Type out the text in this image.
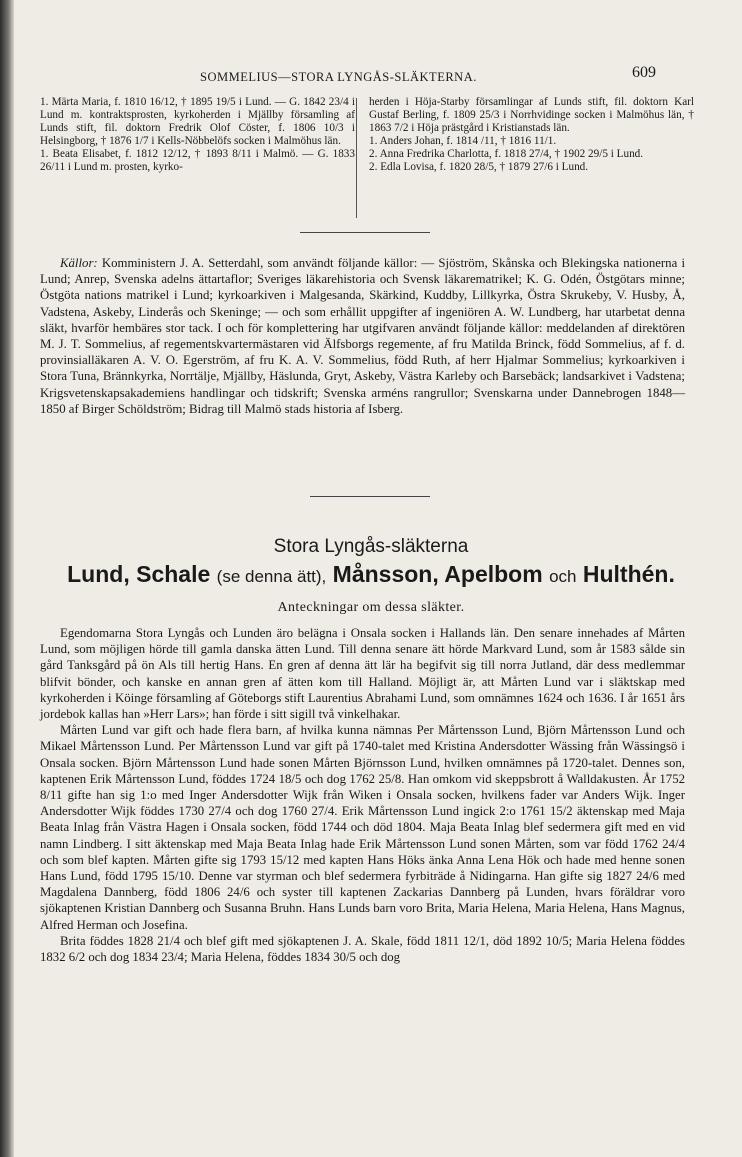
SOMMELIUS—STORA LYNGÅS-SLÄKTERNA.	609

1. Märta Maria, f. 1810 16/12, † 1895 19/5 i Lund. — G. 1842 23/4 i Lund m. kontraktsprosten, kyrkoherden i Mjällby församling af Lunds stift, fil. doktorn Fredrik Olof Cöster, f. 1806 10/3 i Helsingborg, † 1876 1/7 i Kells-Nöbbelöfs socken i Malmöhus län.

1. Beata Elisabet, f. 1812 12/12, † 1893 8/11 i Malmö. — G. 1833 26/11 i Lund m. prosten, kyrko-

herden i Höja-Starby församlingar af Lunds stift, fil. doktorn Karl Gustaf Berling, f. 1809 25/3 i Norrhvidinge socken i Malmöhus län, † 1863 7/2 i Höja prästgård i Kristianstads län.

1. Anders Johan, f. 1814 /11, † 1816 11/1.

2. Anna Fredrika Charlotta, f. 1818 27/4, † 1902 29/5 i Lund.

2. Edla Lovisa, f. 1820 28/5, † 1879 27/6 i Lund.

Källor: Komministern J. A. Setterdahl, som användt följande källor: — Sjöström, Skånska och Blekingska nationerna i Lund; Anrep, Svenska adelns ättartaflor; Sveriges läkarehistoria och Svensk läkarematrikel; K. G. Odén, Östgötars minne; Östgöta nations matrikel i Lund; kyrkoarkiven i Malgesanda, Skärkind, Kuddby, Lillkyrka, Östra Skrukeby, V. Husby, Å, Vadstena, Askeby, Linderås och Skeninge; — och som erhållit uppgifter af ingeniören A. W. Lundberg, har utarbetat denna släkt, hvarför hembäres stor tack. I och för komplettering har utgifvaren användt följande källor: meddelanden af direktören M. J. T. Sommelius, af regementskvartermästaren vid Älfsborgs regemente, af fru Matilda Brinck, född Sommelius, af f. d. provinsialläkaren A. V. O. Egerström, af fru K. A. V. Sommelius, född Ruth, af herr Hjalmar Sommelius; kyrkoarkiven i Stora Tuna, Brännkyrka, Norrtälje, Mjällby, Häslunda, Gryt, Askeby, Västra Karleby och Barsebäck; landsarkivet i Vadstena; Krigsvetenskapsakademiens handlingar och tidskrift; Svenska arméns rangrullor; Svenskarna under Dannebrogen 1848—1850 af Birger Schöldström; Bidrag till Malmö stads historia af Isberg.

Stora Lyngås-släkterna
Lund, Schale (se denna ätt), Månsson, Apelbom och Hulthén.
Anteckningar om dessa släkter.

Egendomarna Stora Lyngås och Lunden äro belägna i Onsala socken i Hallands län. Den senare innehades af Mårten Lund, som möjligen hörde till gamla danska ätten Lund. Till denna senare ätt hörde Markvard Lund, som år 1583 sålde sin gård Tanksgård på ön Als till hertig Hans. En gren af denna ätt lär ha begifvit sig till norra Jutland, där dess medlemmar blifvit bönder, och kanske en annan gren af ätten kom till Halland. Möjligt är, att Mårten Lund var i släktskap med kyrkoherden i Köinge församling af Göteborgs stift Laurentius Abrahami Lund, som omnämnes 1624 och 1636. I år 1651 års jordebok kallas han »Herr Lars»; han förde i sitt sigill två vinkelhakar.

Mårten Lund var gift och hade flera barn, af hvilka kunna nämnas Per Mårtensson Lund, Björn Mårtensson Lund och Mikael Mårtensson Lund. Per Mårtensson Lund var gift på 1740-talet med Kristina Andersdotter Wässing från Wässingsö i Onsala socken. Björn Mårtensson Lund hade sonen Mårten Björnsson Lund, hvilken omnämnes på 1720-talet. Dennes son, kaptenen Erik Mårtensson Lund, föddes 1724 18/5 och dog 1762 25/8. Han omkom vid skeppsbrott å Walldakusten. År 1752 8/11 gifte han sig 1:o med Inger Andersdotter Wijk från Wiken i Onsala socken, hvilkens fader var Anders Wijk. Inger Andersdotter Wijk föddes 1730 27/4 och dog 1760 27/4. Erik Mårtensson Lund ingick 2:o 1761 15/2 äktenskap med Maja Beata Inlag från Västra Hagen i Onsala socken, född 1744 och död 1804. Maja Beata Inlag blef sedermera gift med en vid namn Lindberg. I sitt äktenskap med Maja Beata Inlag hade Erik Mårtensson Lund sonen Mårten, som var född 1762 24/4 och som blef kapten. Mårten gifte sig 1793 15/12 med kapten Hans Höks änka Anna Lena Hök och hade med henne sonen Hans Lund, född 1795 15/10. Denne var styrman och blef sedermera fyrbiträde å Nidingarna. Han gifte sig 1827 24/6 med Magdalena Dannberg, född 1806 24/6 och syster till kaptenen Zackarias Dannberg på Lunden, hvars föräldrar voro sjökaptenen Kristian Dannberg och Susanna Bruhn. Hans Lunds barn voro Brita, Maria Helena, Maria Helena, Hans Magnus, Alfred Herman och Josefina.

Brita föddes 1828 21/4 och blef gift med sjökaptenen J. A. Skale, född 1811 12/1, död 1892 10/5; Maria Helena föddes 1832 6/2 och dog 1834 23/4; Maria Helena, föddes 1834 30/5 och dog
